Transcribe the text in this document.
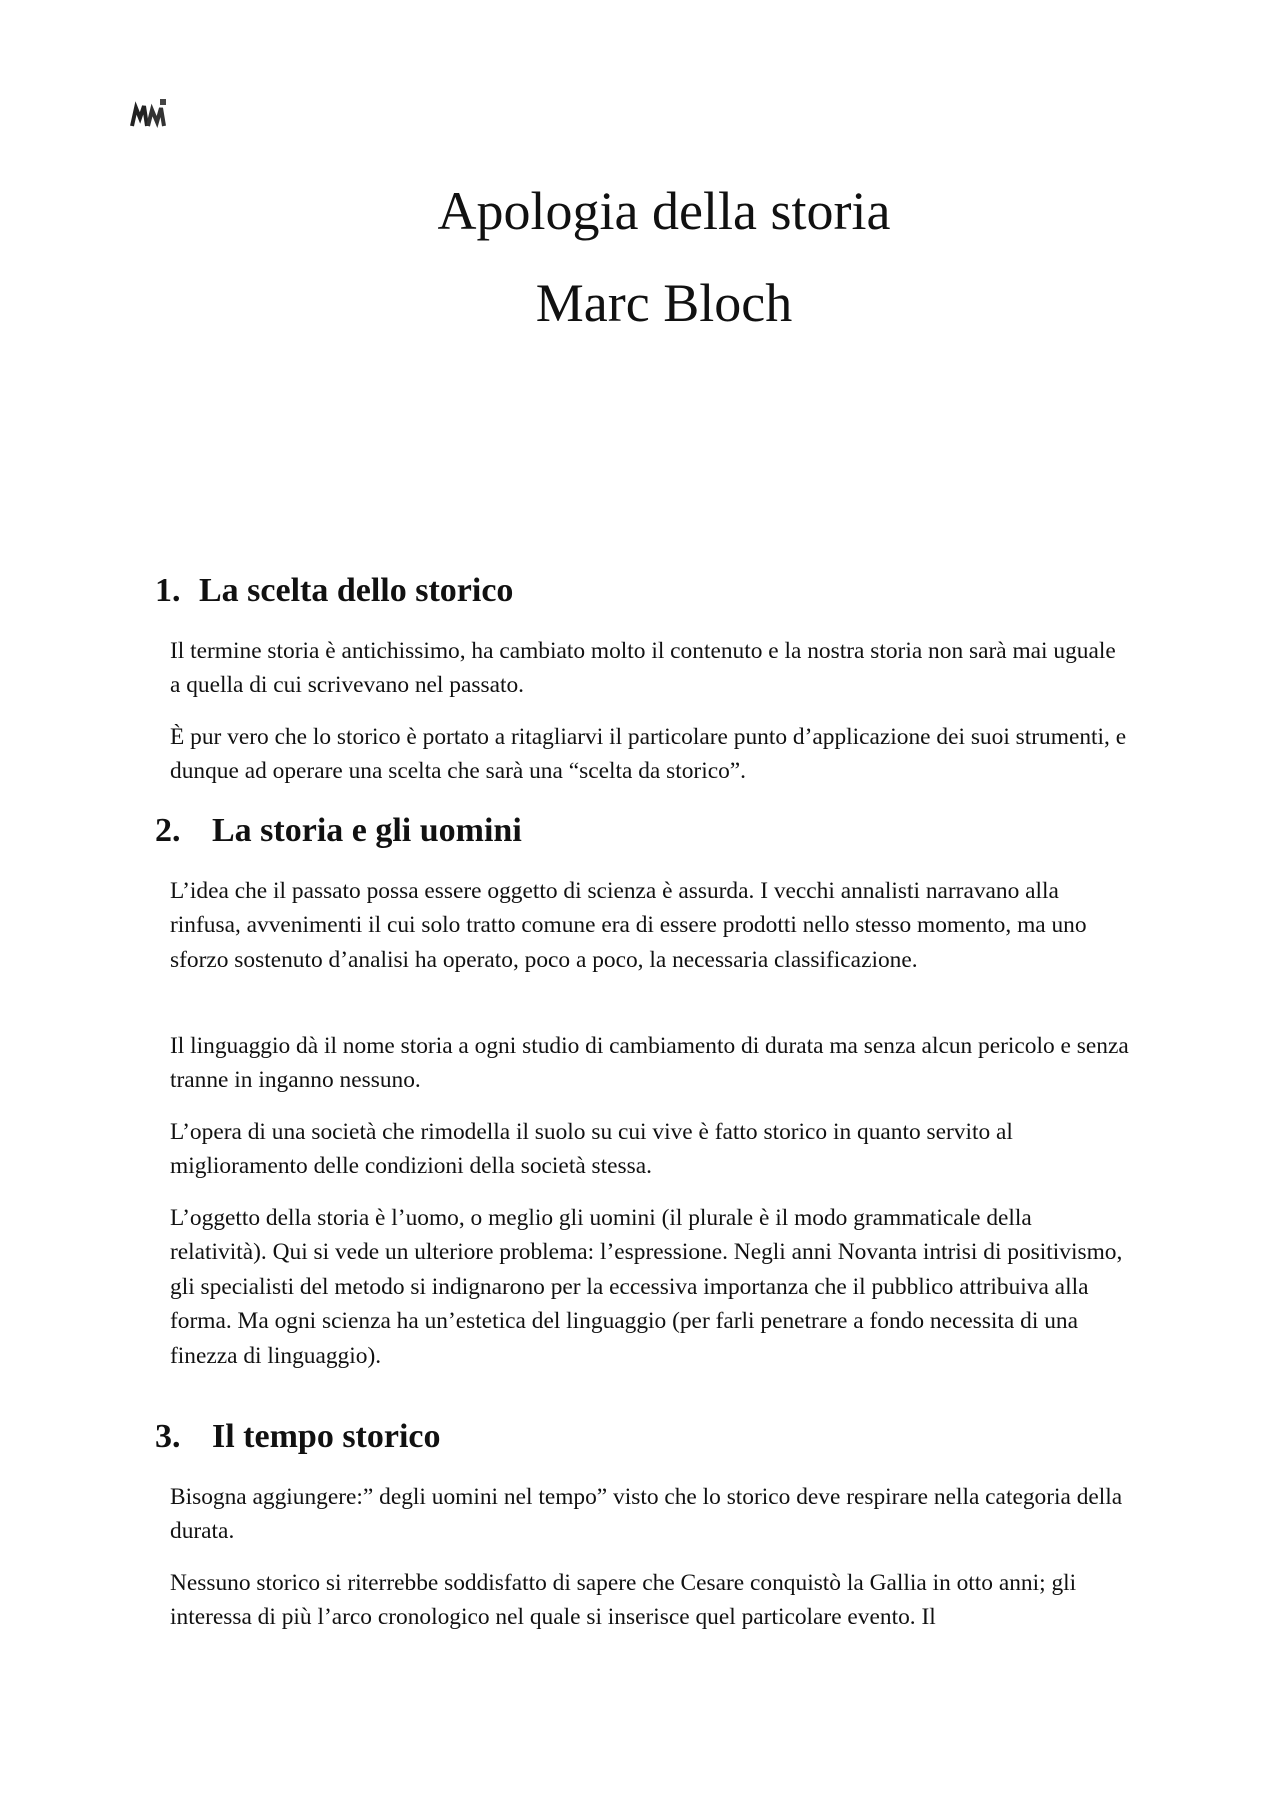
Apologia della storia
Marc Bloch
1. La scelta dello storico

Il termine storia è antichissimo, ha cambiato molto il contenuto e la nostra storia non sarà mai uguale a quella di cui scrivevano nel passato.

È pur vero che lo storico è portato a ritagliarvi il particolare punto d’applicazione dei suoi strumenti, e dunque ad operare una scelta che sarà una “scelta da storico”.

2. La storia e gli uomini

L’idea che il passato possa essere oggetto di scienza è assurda. I vecchi annalisti narravano alla rinfusa, avvenimenti il cui solo tratto comune era di essere prodotti nello stesso momento, ma uno sforzo sostenuto d’analisi ha operato, poco a poco, la necessaria classificazione.

Il linguaggio dà il nome storia a ogni studio di cambiamento di durata ma senza alcun pericolo e senza tranne in inganno nessuno.

L’opera di una società che rimodella il suolo su cui vive è fatto storico in quanto servito al miglioramento delle condizioni della società stessa.

L’oggetto della storia è l’uomo, o meglio gli uomini (il plurale è il modo grammaticale della relatività). Qui si vede un ulteriore problema: l’espressione. Negli anni Novanta intrisi di positivismo, gli specialisti del metodo si indignarono per la eccessiva importanza che il pubblico attribuiva alla forma. Ma ogni scienza ha un’estetica del linguaggio (per farli penetrare a fondo necessita di una finezza di linguaggio).

3. Il tempo storico

Bisogna aggiungere:” degli uomini nel tempo” visto che lo storico deve respirare nella categoria della durata.

Nessuno storico si riterrebbe soddisfatto di sapere che Cesare conquistò la Gallia in otto anni; gli interessa di più l’arco cronologico nel quale si inserisce quel particolare evento. Il
